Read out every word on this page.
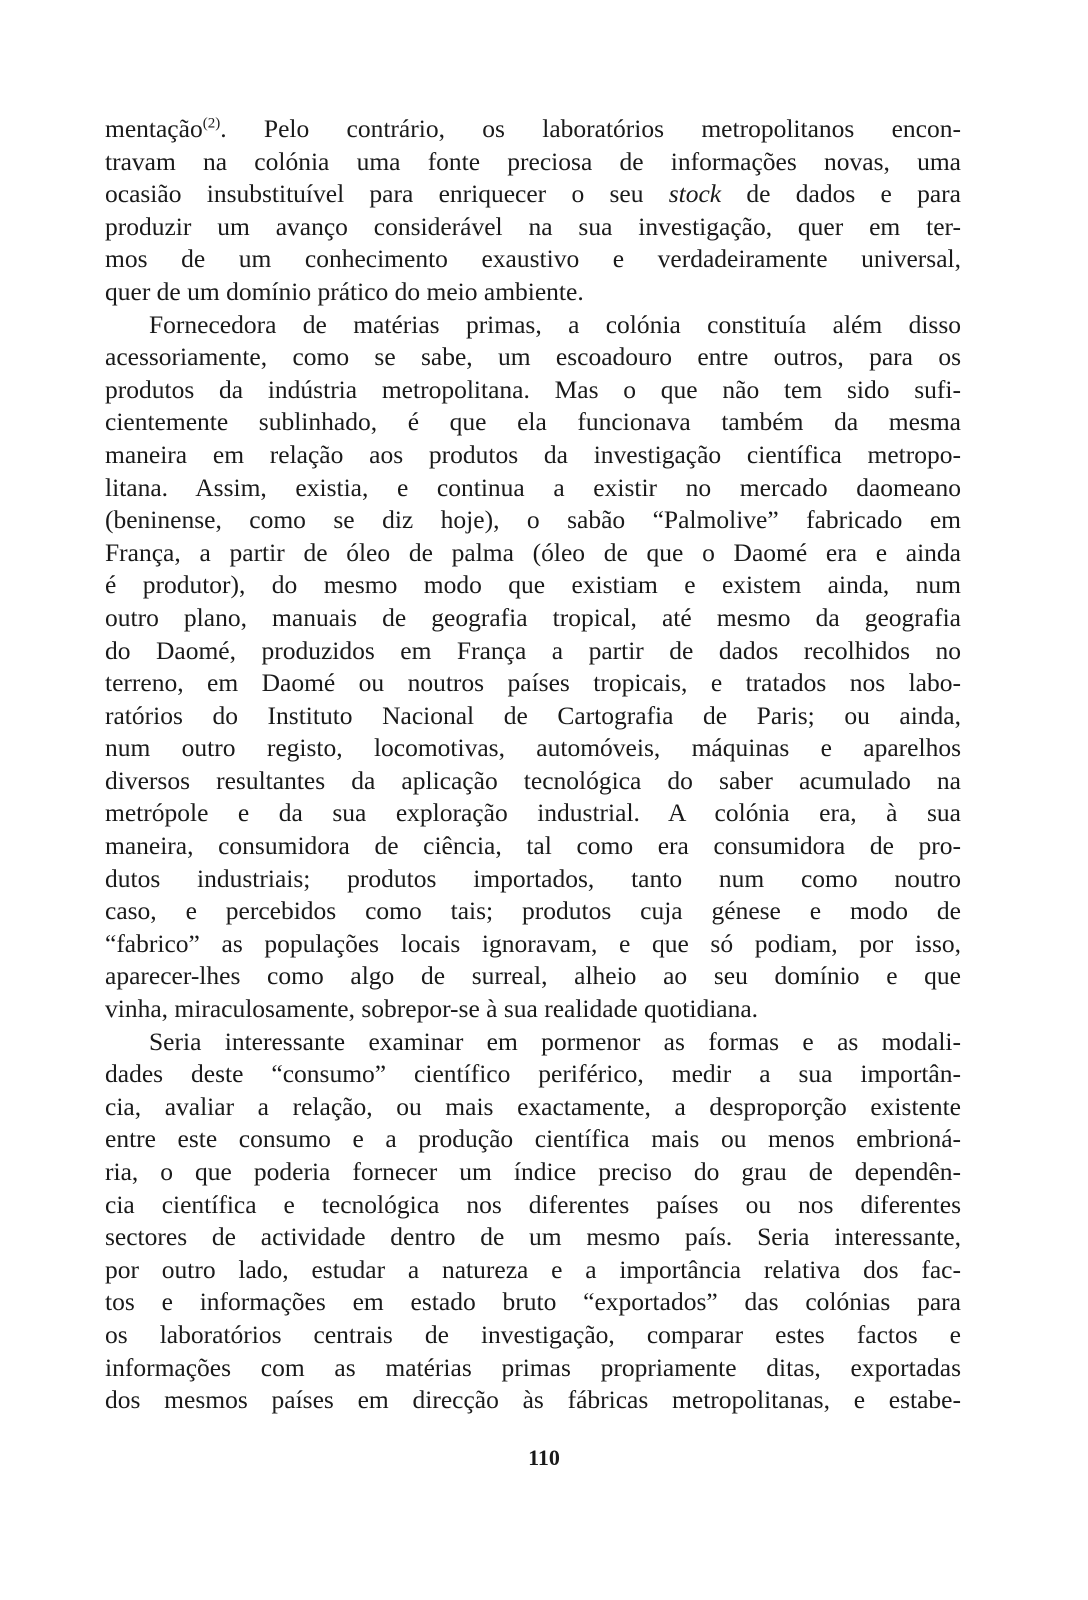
mentação$^{(2)}$. Pelo contrário, os laboratórios metropolitanos encon-
travam na colónia uma fonte preciosa de informações novas, uma
ocasião insubstituível para enriquecer o seu stock de dados e para
produzir um avanço considerável na sua investigação, quer em ter-
mos de um conhecimento exaustivo e verdadeiramente universal,
quer de um domínio prático do meio ambiente.
Fornecedora de matérias primas, a colónia constituía além disso
acessoriamente, como se sabe, um escoadouro entre outros, para os
produtos da indústria metropolitana. Mas o que não tem sido sufi-
cientemente sublinhado, é que ela funcionava também da mesma
maneira em relação aos produtos da investigação científica metropo-
litana. Assim, existia, e continua a existir no mercado daomeano
(beninense, como se diz hoje), o sabão “Palmolive” fabricado em
França, a partir de óleo de palma (óleo de que o Daomé era e ainda
é produtor), do mesmo modo que existiam e existem ainda, num
outro plano, manuais de geografia tropical, até mesmo da geografia
do Daomé, produzidos em França a partir de dados recolhidos no
terreno, em Daomé ou noutros países tropicais, e tratados nos labo-
ratórios do Instituto Nacional de Cartografia de Paris; ou ainda,
num outro registo, locomotivas, automóveis, máquinas e aparelhos
diversos resultantes da aplicação tecnológica do saber acumulado na
metrópole e da sua exploração industrial. A colónia era, à sua
maneira, consumidora de ciência, tal como era consumidora de pro-
dutos industriais; produtos importados, tanto num como noutro
caso, e percebidos como tais; produtos cuja génese e modo de
“fabrico” as populações locais ignoravam, e que só podiam, por isso,
aparecer-lhes como algo de surreal, alheio ao seu domínio e que
vinha, miraculosamente, sobrepor-se à sua realidade quotidiana.
Seria interessante examinar em pormenor as formas e as modali-
dades deste “consumo” científico periférico, medir a sua importân-
cia, avaliar a relação, ou mais exactamente, a desproporção existente
entre este consumo e a produção científica mais ou menos embrioná-
ria, o que poderia fornecer um índice preciso do grau de dependên-
cia científica e tecnológica nos diferentes países ou nos diferentes
sectores de actividade dentro de um mesmo país. Seria interessante,
por outro lado, estudar a natureza e a importância relativa dos fac-
tos e informações em estado bruto “exportados” das colónias para
os laboratórios centrais de investigação, comparar estes factos e
informações com as matérias primas propriamente ditas, exportadas
dos mesmos países em direcção às fábricas metropolitanas, e estabe-
110
